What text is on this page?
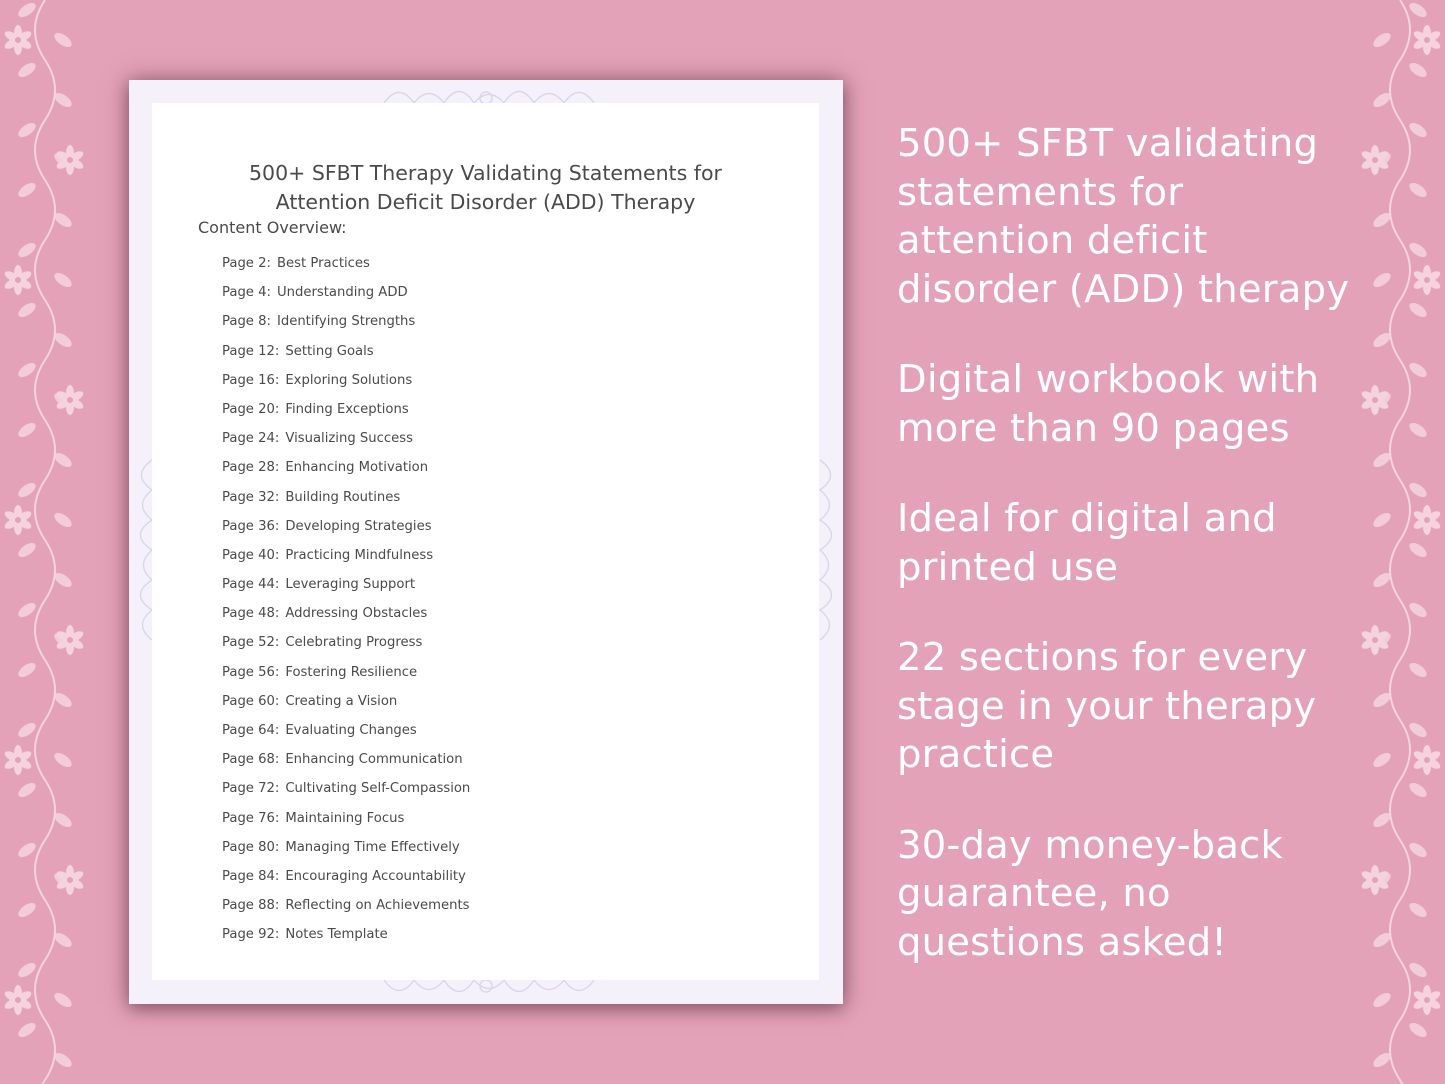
500+ SFBT Therapy Validating Statements for
Attention Deficit Disorder (ADD) Therapy
Content Overview:
Page 2: Best Practices
Page 4: Understanding ADD
Page 8: Identifying Strengths
Page 12: Setting Goals
Page 16: Exploring Solutions
Page 20: Finding Exceptions
Page 24: Visualizing Success
Page 28: Enhancing Motivation
Page 32: Building Routines
Page 36: Developing Strategies
Page 40: Practicing Mindfulness
Page 44: Leveraging Support
Page 48: Addressing Obstacles
Page 52: Celebrating Progress
Page 56: Fostering Resilience
Page 60: Creating a Vision
Page 64: Evaluating Changes
Page 68: Enhancing Communication
Page 72: Cultivating Self-Compassion
Page 76: Maintaining Focus
Page 80: Managing Time Effectively
Page 84: Encouraging Accountability
Page 88: Reflecting on Achievements
Page 92: Notes Template
500+ SFBT validating
statements for
attention deficit
disorder (ADD) therapy
Digital workbook with
more than 90 pages
Ideal for digital and
printed use
22 sections for every
stage in your therapy
practice
30-day money-back
guarantee, no
questions asked!
